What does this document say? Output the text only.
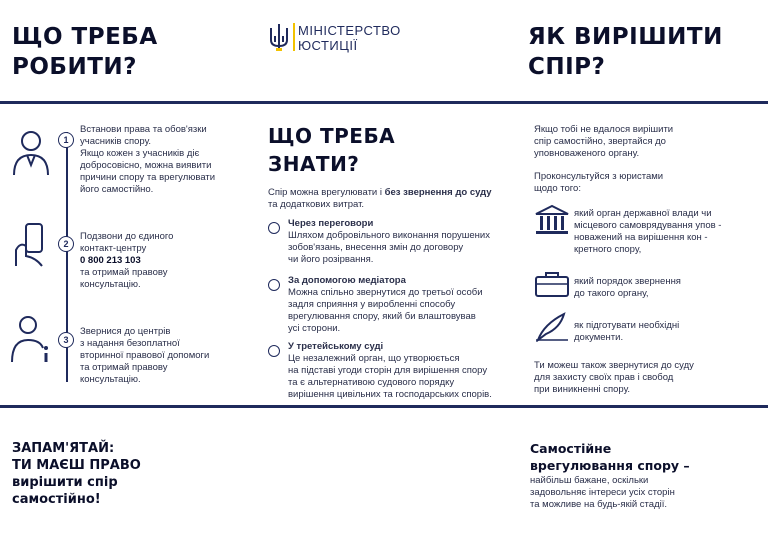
ЩО ТРЕБА
РОБИТИ?
МІНІСТЕРСТВО
ЮСТИЦІЇ	ЯК ВИРІШИТИ
СПІР?
1
Встанови права та обов'язки
учасників спору.
Якщо кожен з учасників діє
добросовісно, можна виявити
причини спору та врегулювати
його самостійно.
2
Подзвони до єдиного
контакт-центру
0 800 213 103
та отримай правову
консультацію.
3
Звернися до центрів
з надання безоплатної
вторинної правової допомоги
та отримай правову
консультацію.
ЩО ТРЕБА
ЗНАТИ?
Спір можна врегулювати і без звернення до суду
та додаткових витрат.
Через переговори
Шляхом добровільного виконання порушених
зобов'язань, внесення змін до договору
чи його розірвання.
За допомогою медіатора
Можна спільно звернутися до третьої особи
задля сприяння у виробленні способу
врегулювання спору, який би влаштовував
усі сторони.
У третейському суді
Це незалежний орган, що утворюється
на підставі угоди сторін для вирішення спору
та є альтернативою судового порядку
вирішення цивільних та господарських спорів.
Якщо тобі не вдалося вирішити
спір самостійно, звертайся до
уповноваженого органу.
Проконсультуйся з юристами
щодо того:
який орган державної влади чи
місцевого самоврядування упов -
новажений на вирішення кон -
кретного спору,
який порядок звернення
до такого органу,
як підготувати необхідні
документи.
Ти можеш також звернутися до суду
для захисту своїх прав і свобод
при виникненні спору.
ЗАПАМ'ЯТАЙ:
ТИ МАЄШ ПРАВО
вирішити спір
самостійно!
Самостійне
врегулювання спору –
найбільш бажане, оскільки
задовольняє інтереси усіх сторін
та можливе на будь-якій стадії.
